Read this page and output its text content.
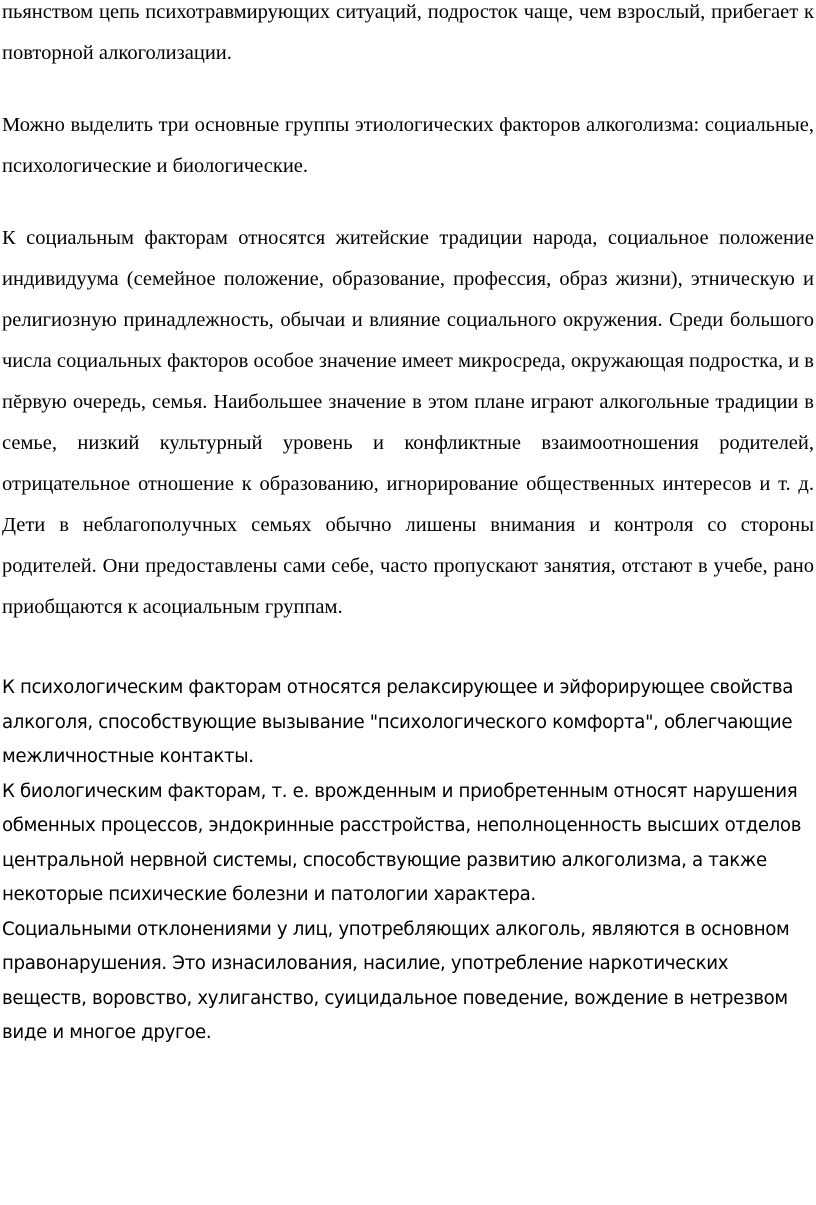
пьянством цепь психотравмирующих ситуаций, подросток чаще, чем взрослый, прибегает к повторной алкоголизации.

Можно выделить три основные группы этиологических факторов алкоголизма: социальные, психологические и биологические.

К социальным факторам относятся житейские традиции народа, социальное положение индивидуума (семейное положение, образование, профессия, образ жизни), этническую и религиозную принадлежность, обычаи и влияние социального окружения. Среди большого числа социальных факторов особое значение имеет микросреда, окружающая подростка, и в пĕрвую очередь, семья. Наибольшее значение в этом плане играют алкогольные традиции в семье, низкий культурный уровень и конфликтные взаимоотношения родителей, отрицательное отношение к образованию, игнорирование общественных интересов и т. д. Дети в неблагополучных семьях обычно лишены внимания и контроля со стороны родителей. Они предоставлены сами себе, часто пропускают занятия, отстают в учебе, рано приобщаются к асоциальным группам.

К психологическим факторам относятся релаксирующее и эйфорирующее свойства алкоголя, способствующие вызывание "психологического комфорта", облегчающие межличностные контакты.

К биологическим факторам, т. е. врожденным и приобретенным относят нарушения обменных процессов, эндокринные расстройства, неполноценность высших отделов центральной нервной системы, способствующие развитию алкоголизма, а также некоторые психические болезни и патологии характера.

Социальными отклонениями у лиц, употребляющих алкоголь, являются в основном правонарушения. Это изнасилования, насилие, употребление наркотических веществ, воровство, хулиганство, суицидальное поведение, вождение в нетрезвом виде и многое другое.
